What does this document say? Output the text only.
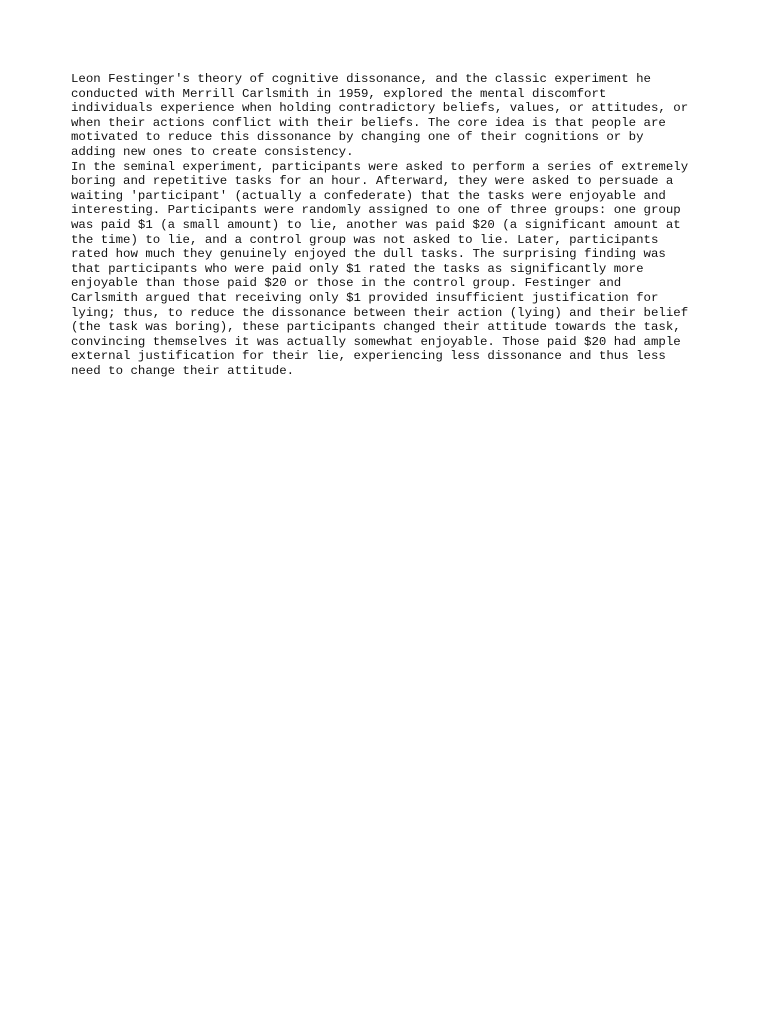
Leon Festinger's theory of cognitive dissonance, and the classic experiment he
conducted with Merrill Carlsmith in 1959, explored the mental discomfort
individuals experience when holding contradictory beliefs, values, or attitudes, or
when their actions conflict with their beliefs. The core idea is that people are
motivated to reduce this dissonance by changing one of their cognitions or by
adding new ones to create consistency.

In the seminal experiment, participants were asked to perform a series of extremely
boring and repetitive tasks for an hour. Afterward, they were asked to persuade a
waiting 'participant' (actually a confederate) that the tasks were enjoyable and
interesting. Participants were randomly assigned to one of three groups: one group
was paid $1 (a small amount) to lie, another was paid $20 (a significant amount at
the time) to lie, and a control group was not asked to lie. Later, participants
rated how much they genuinely enjoyed the dull tasks. The surprising finding was
that participants who were paid only $1 rated the tasks as significantly more
enjoyable than those paid $20 or those in the control group. Festinger and
Carlsmith argued that receiving only $1 provided insufficient justification for
lying; thus, to reduce the dissonance between their action (lying) and their belief
(the task was boring), these participants changed their attitude towards the task,
convincing themselves it was actually somewhat enjoyable. Those paid $20 had ample
external justification for their lie, experiencing less dissonance and thus less
need to change their attitude.
